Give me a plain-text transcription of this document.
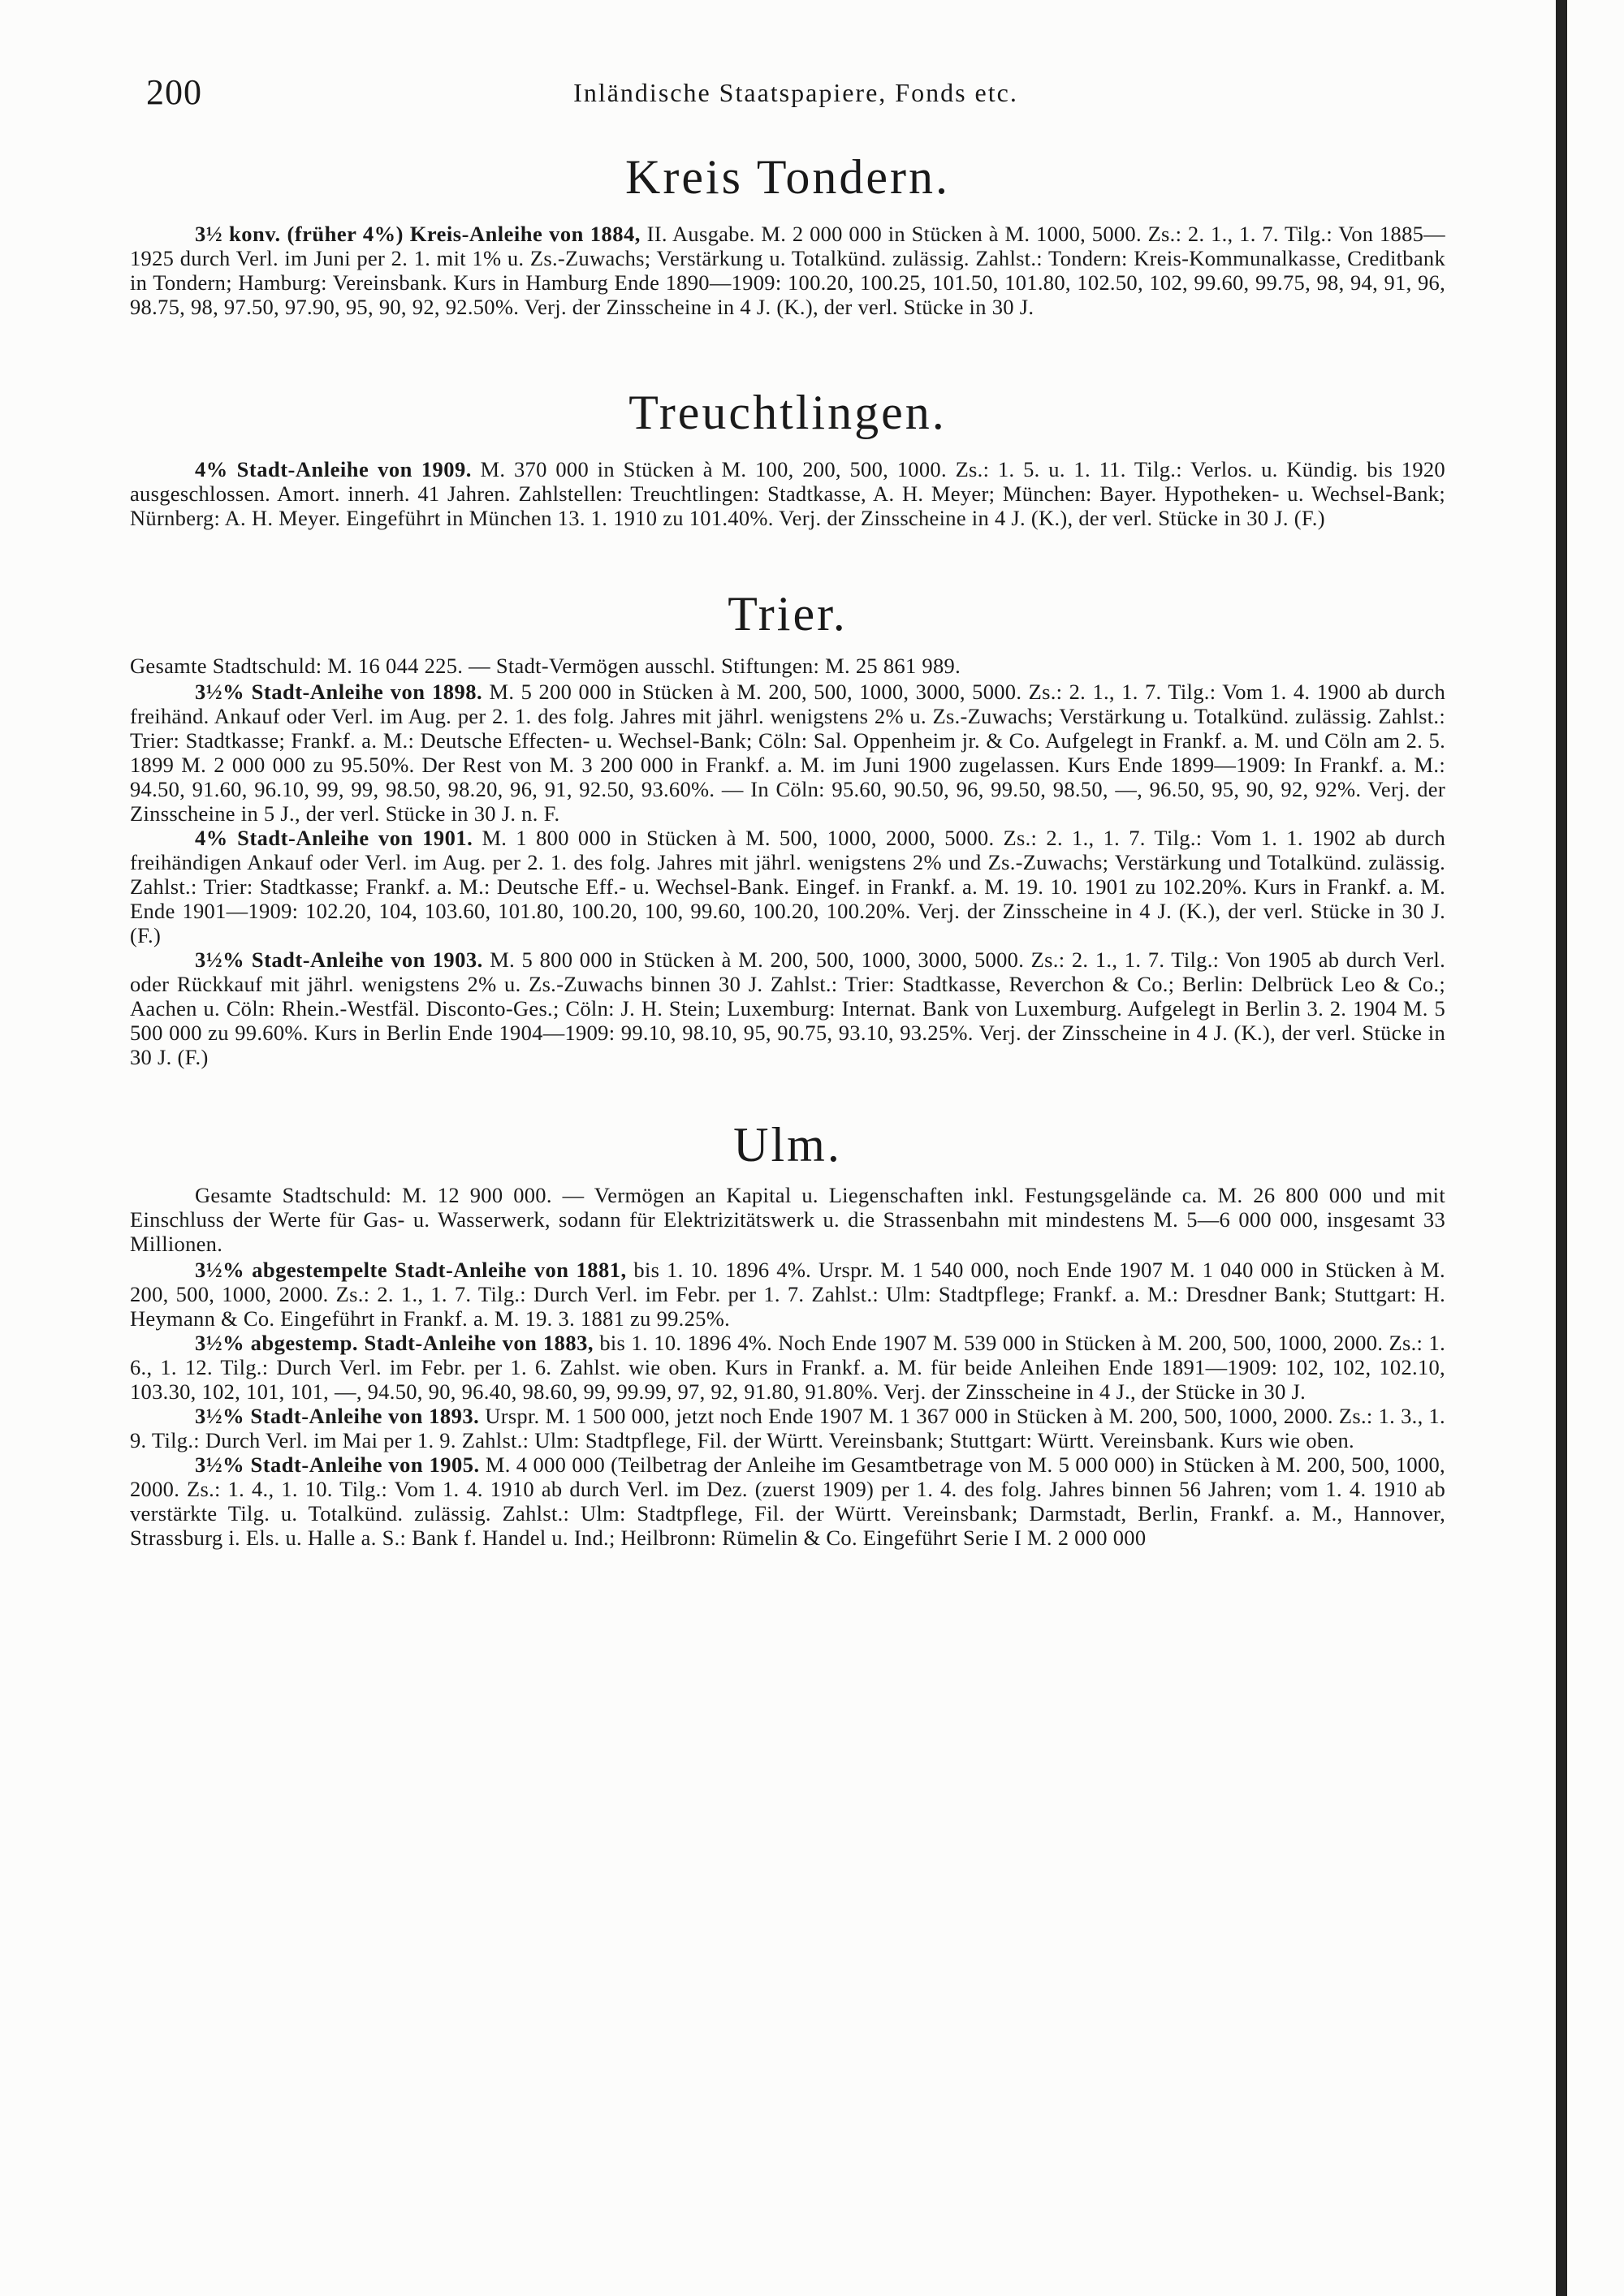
200	Inländische Staatspapiere, Fonds etc.
Kreis Tondern.

3½ konv. (früher 4%) Kreis-Anleihe von 1884, II. Ausgabe. M. 2 000 000 in Stücken à M. 1000, 5000. Zs.: 2. 1., 1. 7. Tilg.: Von 1885—1925 durch Verl. im Juni per 2. 1. mit 1% u. Zs.-Zuwachs; Verstärkung u. Totalkünd. zulässig. Zahlst.: Tondern: Kreis-Kommunalkasse, Creditbank in Tondern; Hamburg: Vereinsbank. Kurs in Hamburg Ende 1890—1909: 100.20, 100.25, 101.50, 101.80, 102.50, 102, 99.60, 99.75, 98, 94, 91, 96, 98.75, 98, 97.50, 97.90, 95, 90, 92, 92.50%. Verj. der Zinsscheine in 4 J. (K.), der verl. Stücke in 30 J.

Treuchtlingen.

4% Stadt-Anleihe von 1909. M. 370 000 in Stücken à M. 100, 200, 500, 1000. Zs.: 1. 5. u. 1. 11. Tilg.: Verlos. u. Kündig. bis 1920 ausgeschlossen. Amort. innerh. 41 Jahren. Zahlstellen: Treuchtlingen: Stadtkasse, A. H. Meyer; München: Bayer. Hypotheken- u. Wechsel-Bank; Nürnberg: A. H. Meyer. Eingeführt in München 13. 1. 1910 zu 101.40%. Verj. der Zinsscheine in 4 J. (K.), der verl. Stücke in 30 J. (F.)

Trier.

Gesamte Stadtschuld: M. 16 044 225. — Stadt-Vermögen ausschl. Stiftungen: M. 25 861 989.

3½% Stadt-Anleihe von 1898. M. 5 200 000 in Stücken à M. 200, 500, 1000, 3000, 5000. Zs.: 2. 1., 1. 7. Tilg.: Vom 1. 4. 1900 ab durch freihänd. Ankauf oder Verl. im Aug. per 2. 1. des folg. Jahres mit jährl. wenigstens 2% u. Zs.-Zuwachs; Verstärkung u. Totalkünd. zulässig. Zahlst.: Trier: Stadtkasse; Frankf. a. M.: Deutsche Effecten- u. Wechsel-Bank; Cöln: Sal. Oppenheim jr. & Co. Aufgelegt in Frankf. a. M. und Cöln am 2. 5. 1899 M. 2 000 000 zu 95.50%. Der Rest von M. 3 200 000 in Frankf. a. M. im Juni 1900 zugelassen. Kurs Ende 1899—1909: In Frankf. a. M.: 94.50, 91.60, 96.10, 99, 99, 98.50, 98.20, 96, 91, 92.50, 93.60%. — In Cöln: 95.60, 90.50, 96, 99.50, 98.50, —, 96.50, 95, 90, 92, 92%. Verj. der Zinsscheine in 5 J., der verl. Stücke in 30 J. n. F.

4% Stadt-Anleihe von 1901. M. 1 800 000 in Stücken à M. 500, 1000, 2000, 5000. Zs.: 2. 1., 1. 7. Tilg.: Vom 1. 1. 1902 ab durch freihändigen Ankauf oder Verl. im Aug. per 2. 1. des folg. Jahres mit jährl. wenigstens 2% und Zs.-Zuwachs; Verstärkung und Totalkünd. zulässig. Zahlst.: Trier: Stadtkasse; Frankf. a. M.: Deutsche Eff.- u. Wechsel-Bank. Eingef. in Frankf. a. M. 19. 10. 1901 zu 102.20%. Kurs in Frankf. a. M. Ende 1901—1909: 102.20, 104, 103.60, 101.80, 100.20, 100, 99.60, 100.20, 100.20%. Verj. der Zinsscheine in 4 J. (K.), der verl. Stücke in 30 J. (F.)

3½% Stadt-Anleihe von 1903. M. 5 800 000 in Stücken à M. 200, 500, 1000, 3000, 5000. Zs.: 2. 1., 1. 7. Tilg.: Von 1905 ab durch Verl. oder Rückkauf mit jährl. wenigstens 2% u. Zs.-Zuwachs binnen 30 J. Zahlst.: Trier: Stadtkasse, Reverchon & Co.; Berlin: Delbrück Leo & Co.; Aachen u. Cöln: Rhein.-Westfäl. Disconto-Ges.; Cöln: J. H. Stein; Luxemburg: Internat. Bank von Luxemburg. Aufgelegt in Berlin 3. 2. 1904 M. 5 500 000 zu 99.60%. Kurs in Berlin Ende 1904—1909: 99.10, 98.10, 95, 90.75, 93.10, 93.25%. Verj. der Zinsscheine in 4 J. (K.), der verl. Stücke in 30 J. (F.)

Ulm.

Gesamte Stadtschuld: M. 12 900 000. — Vermögen an Kapital u. Liegenschaften inkl. Festungsgelände ca. M. 26 800 000 und mit Einschluss der Werte für Gas- u. Wasserwerk, sodann für Elektrizitätswerk u. die Strassenbahn mit mindestens M. 5—6 000 000, insgesamt 33 Millionen.

3½% abgestempelte Stadt-Anleihe von 1881, bis 1. 10. 1896 4%. Urspr. M. 1 540 000, noch Ende 1907 M. 1 040 000 in Stücken à M. 200, 500, 1000, 2000. Zs.: 2. 1., 1. 7. Tilg.: Durch Verl. im Febr. per 1. 7. Zahlst.: Ulm: Stadtpflege; Frankf. a. M.: Dresdner Bank; Stuttgart: H. Heymann & Co. Eingeführt in Frankf. a. M. 19. 3. 1881 zu 99.25%.

3½% abgestemp. Stadt-Anleihe von 1883, bis 1. 10. 1896 4%. Noch Ende 1907 M. 539 000 in Stücken à M. 200, 500, 1000, 2000. Zs.: 1. 6., 1. 12. Tilg.: Durch Verl. im Febr. per 1. 6. Zahlst. wie oben. Kurs in Frankf. a. M. für beide Anleihen Ende 1891—1909: 102, 102, 102.10, 103.30, 102, 101, 101, —, 94.50, 90, 96.40, 98.60, 99, 99.99, 97, 92, 91.80, 91.80%. Verj. der Zinsscheine in 4 J., der Stücke in 30 J.

3½% Stadt-Anleihe von 1893. Urspr. M. 1 500 000, jetzt noch Ende 1907 M. 1 367 000 in Stücken à M. 200, 500, 1000, 2000. Zs.: 1. 3., 1. 9. Tilg.: Durch Verl. im Mai per 1. 9. Zahlst.: Ulm: Stadtpflege, Fil. der Württ. Vereinsbank; Stuttgart: Württ. Vereinsbank. Kurs wie oben.

3½% Stadt-Anleihe von 1905. M. 4 000 000 (Teilbetrag der Anleihe im Gesamtbetrage von M. 5 000 000) in Stücken à M. 200, 500, 1000, 2000. Zs.: 1. 4., 1. 10. Tilg.: Vom 1. 4. 1910 ab durch Verl. im Dez. (zuerst 1909) per 1. 4. des folg. Jahres binnen 56 Jahren; vom 1. 4. 1910 ab verstärkte Tilg. u. Totalkünd. zulässig. Zahlst.: Ulm: Stadtpflege, Fil. der Württ. Vereinsbank; Darmstadt, Berlin, Frankf. a. M., Hannover, Strassburg i. Els. u. Halle a. S.: Bank f. Handel u. Ind.; Heilbronn: Rümelin & Co. Eingeführt Serie I M. 2 000 000
